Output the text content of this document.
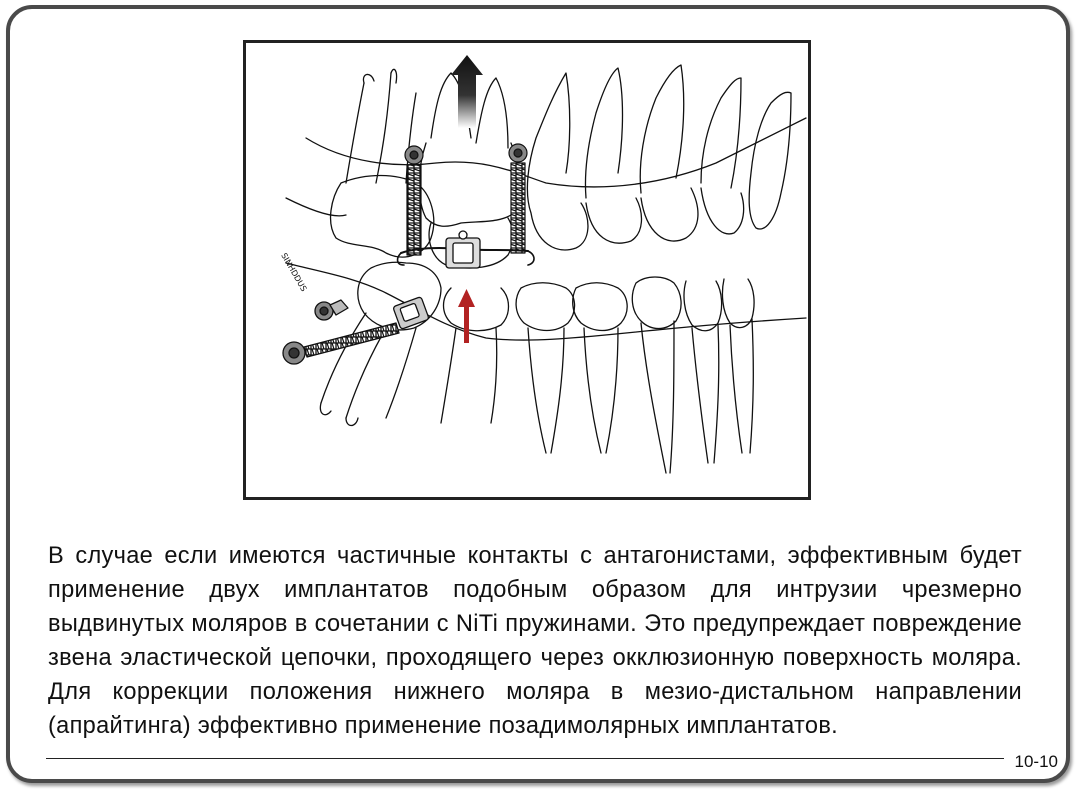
SINHDDUS

В случае если имеются частичные контакты с антагонистами, эффективным будет применение двух имплантатов подобным образом для интрузии чрезмерно выдвинутых моляров в сочетании с NiTi пружинами. Это предупреждает повреждение звена эластической цепочки, проходящего через окклюзионную поверхность моляра. Для коррекции положения нижнего моляра в мезио-дистальном направлении (апрайтинга) эффективно применение позадимолярных имплантатов.

10-10
